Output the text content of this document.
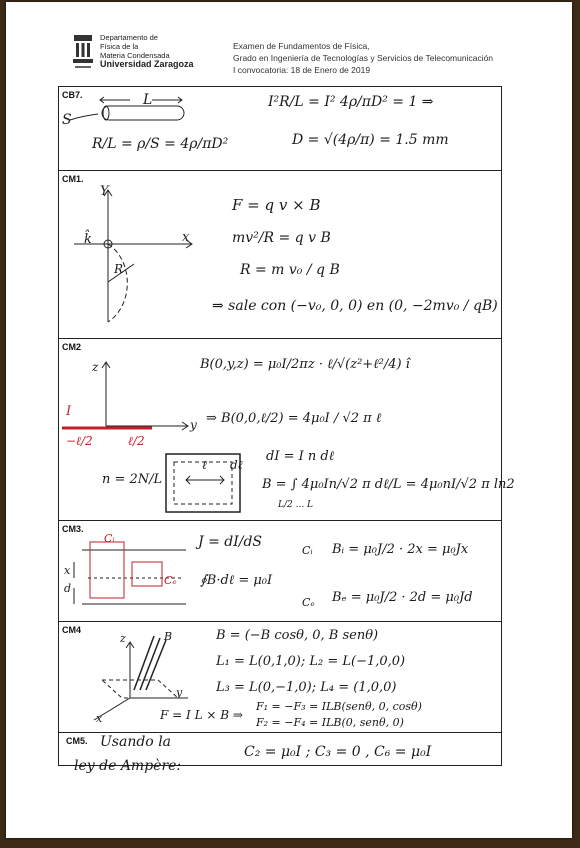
Departamento de
Física de la
Materia Condensada
Universidad Zaragoza
Examen de Fundamentos de Física,
Grado en Ingeniería de Tecnologías y Servicios de Telecomunicación
I convocatoria: 18 de Enero de 2019
CB7.	L
S
R/L = ρ/S = 4ρ/πD²
I²R/L = I² 4ρ/πD² = 1 ⇒
D = √(4ρ/π) = 1.5 mm
CM1.
Y
x
k̂
R
F = q v × B
mv²/R = q v B
R = m v₀ / q B
⇒ sale con (−v₀, 0, 0) en (0, −2mv₀ / qB)
CM2
z
y
I
−ℓ/2	ℓ/2
B(0,y,z) = μ₀I/2πz · ℓ/√(z²+ℓ²/4) î
⇒ B(0,0,ℓ/2) = 4μ₀I / √2 π ℓ
n = 2N/L
ℓ dℓ
dI = I n dℓ
B = ∫ 4μ₀In/√2 π dℓ/L = 4μ₀nI/√2 π ln2
L/2 ... L
CM3.
x
d
Cᵢ
Cₑ
J = dI/dS
∮B·dℓ = μ₀I
Bᵢ = μ₀J/2 · 2x = μ₀Jx
Bₑ = μ₀J/2 · 2d = μ₀Jd
Cᵢ
Cₑ
CM4
z	B
y
x
B = (−B cosθ, 0, B senθ)
L₁ = L(0,1,0); L₂ = L(−1,0,0)
L₃ = L(0,−1,0); L₄ = (1,0,0)
F = I L × B ⇒
F₁ = −F₃ = ILB(senθ, 0, cosθ)
F₂ = −F₄ = ILB(0, senθ, 0)
CM5. Usando la
ley de Ampère:
C₂ = μ₀I ; C₃ = 0 , C₆ = μ₀I
